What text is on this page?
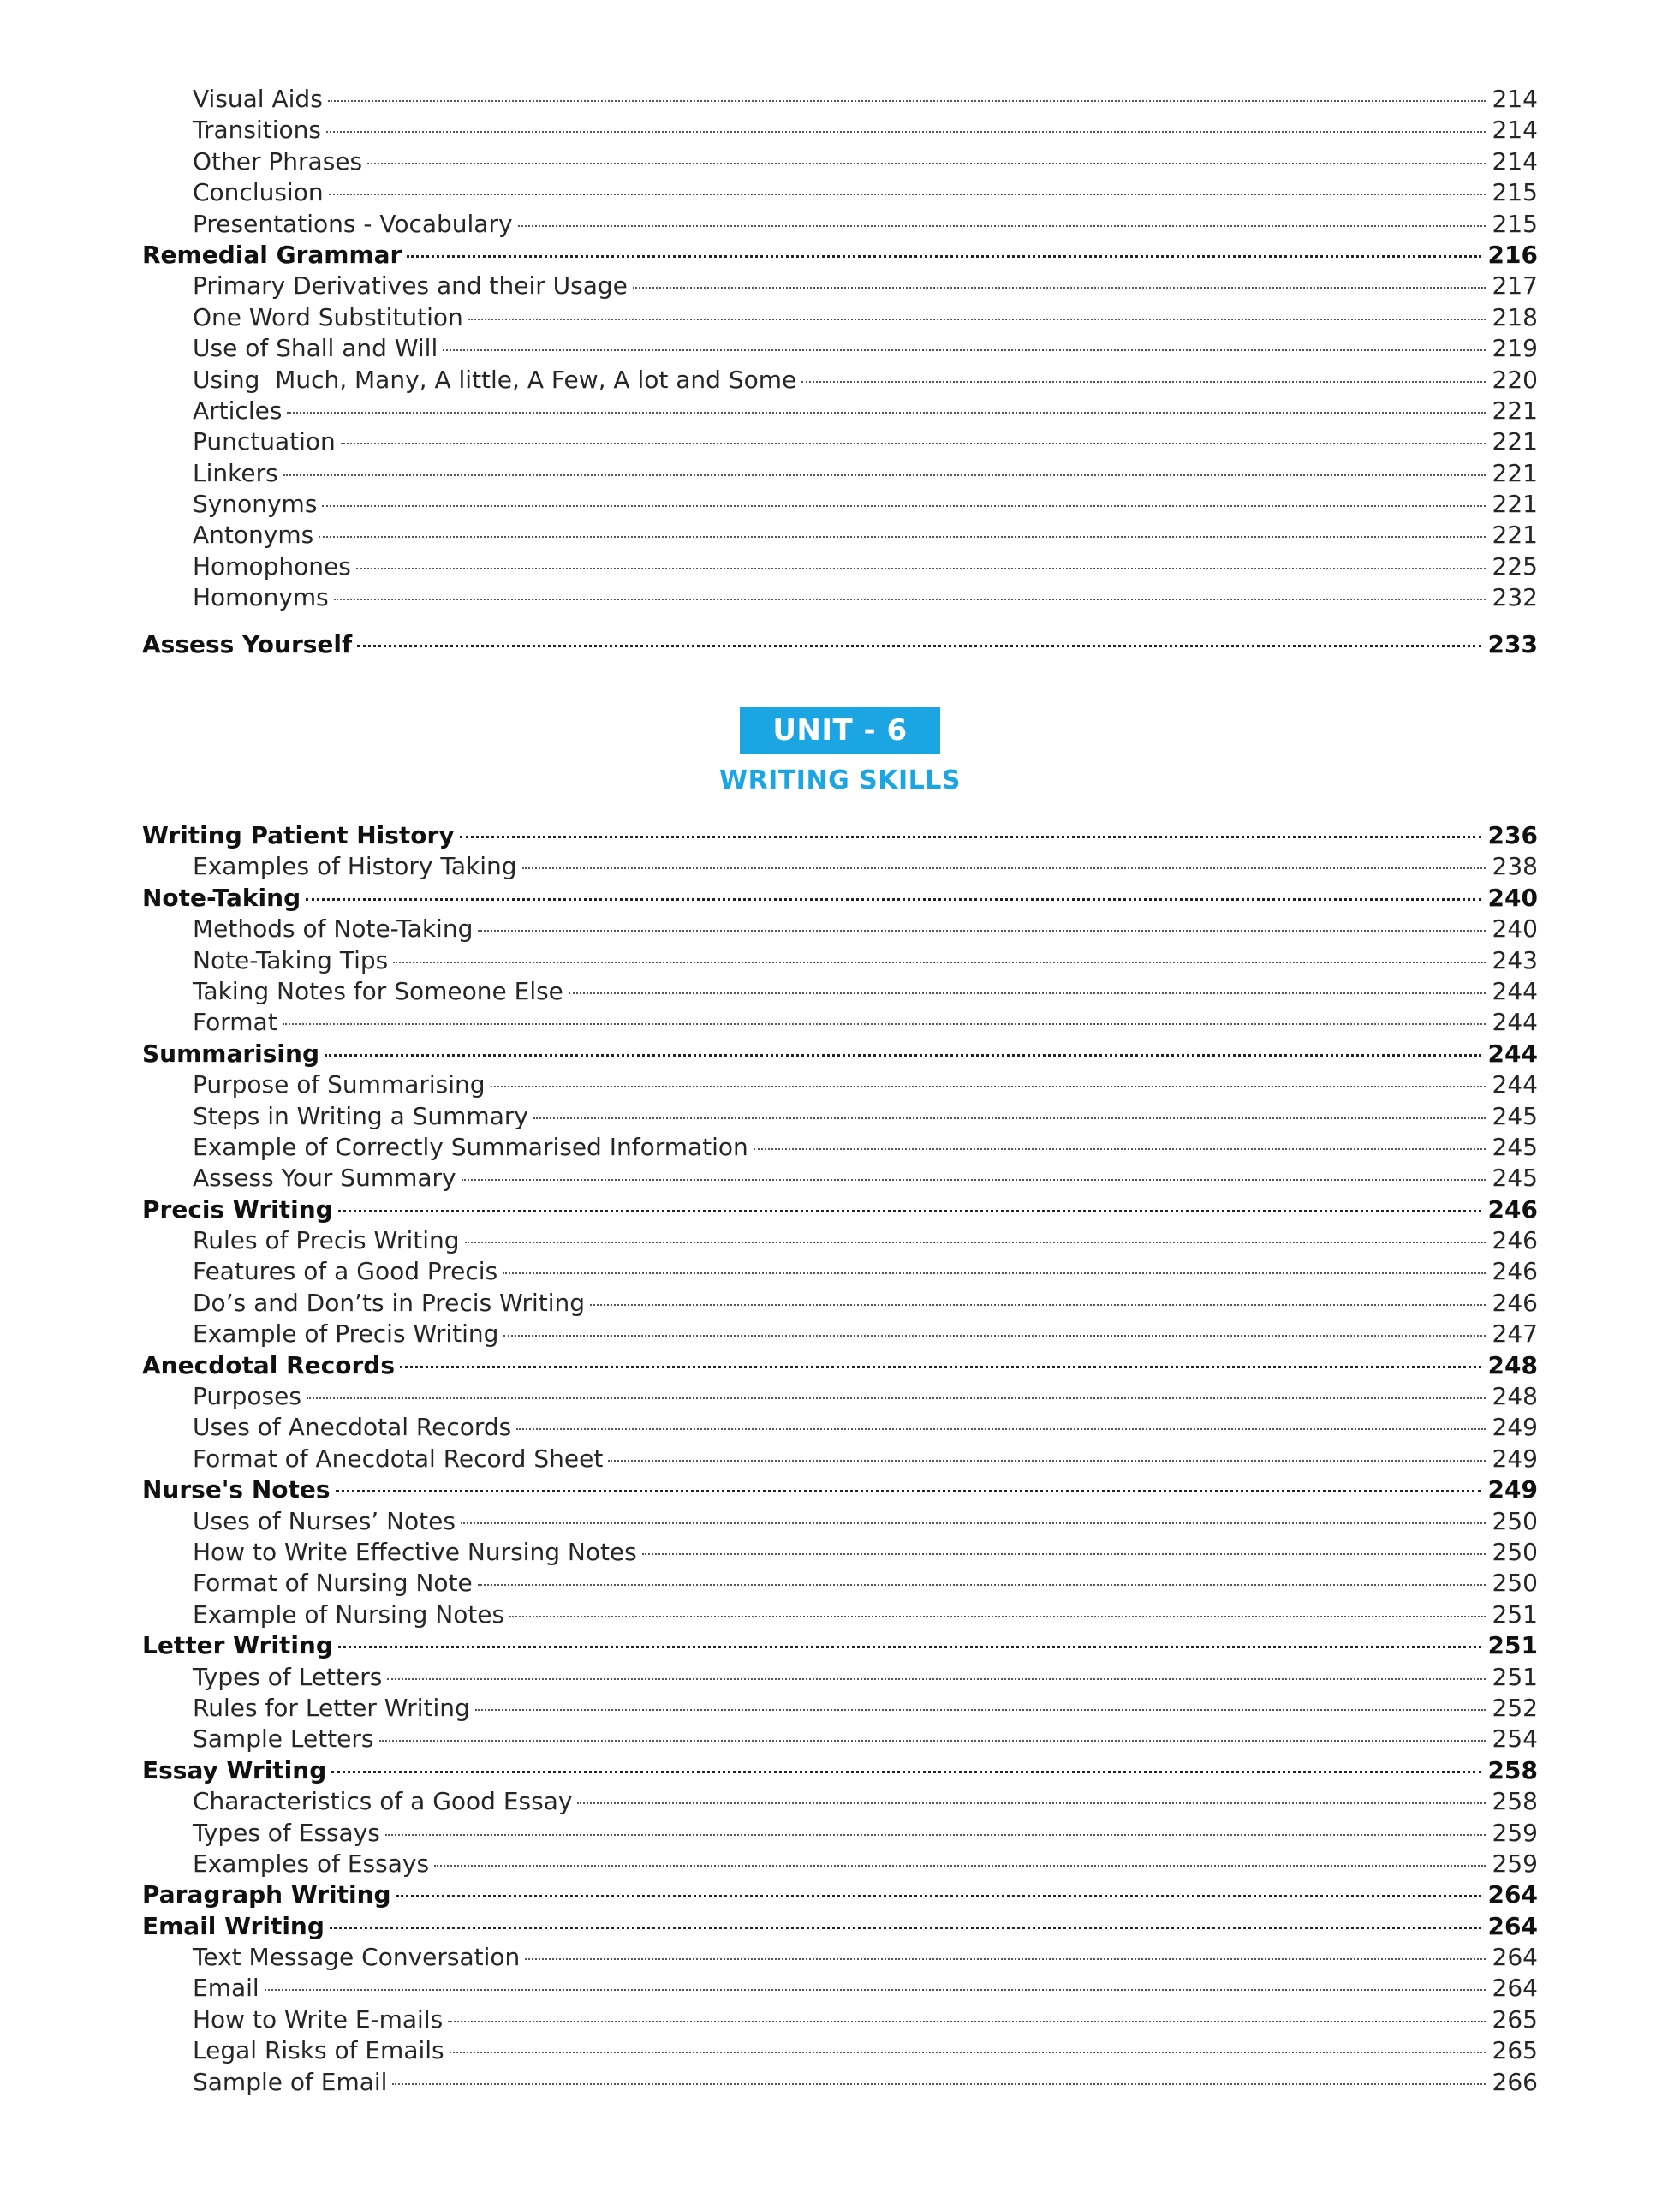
Visual Aids	214
Transitions	214
Other Phrases	214
Conclusion	215
Presentations - Vocabulary	215
Remedial Grammar	216
Primary Derivatives and their Usage	217
One Word Substitution	218
Use of Shall and Will	219
Using  Much, Many, A little, A Few, A lot and Some	220
Articles	221
Punctuation	221
Linkers	221
Synonyms	221
Antonyms	221
Homophones	225
Homonyms	232
Assess Yourself	233
UNIT - 6
WRITING SKILLS
Writing Patient History	236
Examples of History Taking	238
Note-Taking	240
Methods of Note-Taking	240
Note-Taking Tips	243
Taking Notes for Someone Else	244
Format	244
Summarising	244
Purpose of Summarising	244
Steps in Writing a Summary	245
Example of Correctly Summarised Information	245
Assess Your Summary	245
Precis Writing	246
Rules of Precis Writing	246
Features of a Good Precis	246
Do’s and Don’ts in Precis Writing	246
Example of Precis Writing	247
Anecdotal Records	248
Purposes	248
Uses of Anecdotal Records	249
Format of Anecdotal Record Sheet	249
Nurse's Notes	249
Uses of Nurses’ Notes	250
How to Write Effective Nursing Notes	250
Format of Nursing Note	250
Example of Nursing Notes	251
Letter Writing	251
Types of Letters	251
Rules for Letter Writing	252
Sample Letters	254
Essay Writing	258
Characteristics of a Good Essay	258
Types of Essays	259
Examples of Essays	259
Paragraph Writing	264
Email Writing	264
Text Message Conversation	264
Email	264
How to Write E-mails	265
Legal Risks of Emails	265
Sample of Email	266
